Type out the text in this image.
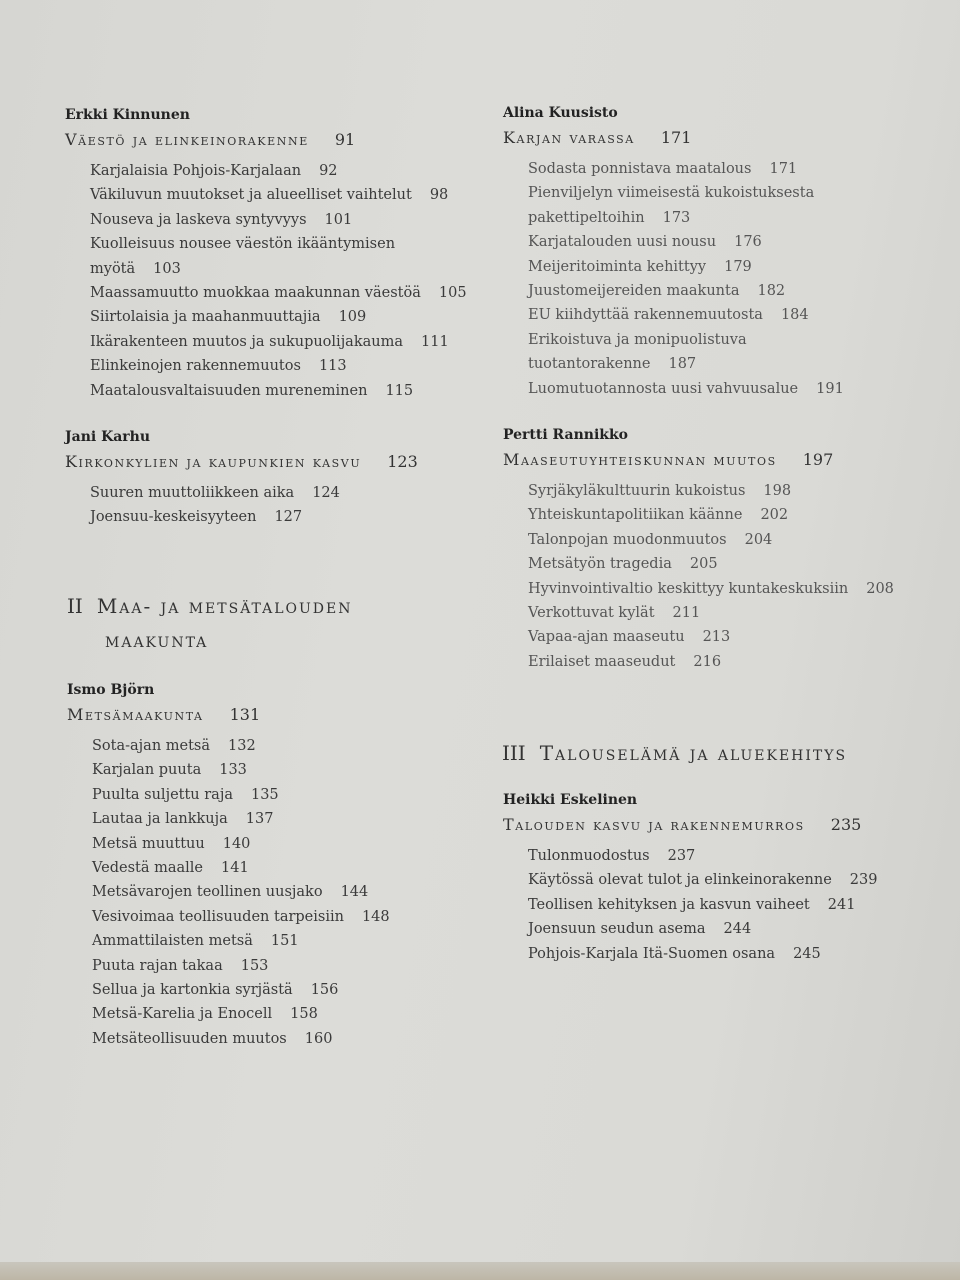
Erkki Kinnunen
Väestö ja elinkeinorakenne 91
Karjalaisia Pohjois-Karjalaan 92
Väkiluvun muutokset ja alueelliset vaihtelut 98
Nouseva ja laskeva syntyvyys 101
Kuolleisuus nousee väestön ikääntymisen
myötä 103
Maassamuutto muokkaa maakunnan väestöä 105
Siirtolaisia ja maahanmuuttajia 109
Ikärakenteen muutos ja sukupuolijakauma 111
Elinkeinojen rakennemuutos 113
Maatalousvaltaisuuden mureneminen 115
Jani Karhu
Kirkonkylien ja kaupunkien kasvu 123
Suuren muuttoliikkeen aika 124
Joensuu-keskeisyyteen 127
II Maa- ja metsätalouden
maakunta
Ismo Björn
Metsämaakunta 131
Sota-ajan metsä 132
Karjalan puuta 133
Puulta suljettu raja 135
Lautaa ja lankkuja 137
Metsä muuttuu 140
Vedestä maalle 141
Metsävarojen teollinen uusjako 144
Vesivoimaa teollisuuden tarpeisiin 148
Ammattilaisten metsä 151
Puuta rajan takaa 153
Sellua ja kartonkia syrjästä 156
Metsä-Karelia ja Enocell 158
Metsäteollisuuden muutos 160
Alina Kuusisto
Karjan varassa 171
Sodasta ponnistava maatalous 171
Pienviljelyn viimeisestä kukoistuksesta
pakettipeltoihin 173
Karjatalouden uusi nousu 176
Meijeritoiminta kehittyy 179
Juustomeijereiden maakunta 182
EU kiihdyttää rakennemuutosta 184
Erikoistuva ja monipuolistuva
tuotantorakenne 187
Luomutuotannosta uusi vahvuusalue 191
Pertti Rannikko
Maaseutuyhteiskunnan muutos 197
Syrjäkyläkulttuurin kukoistus 198
Yhteiskuntapolitiikan käänne 202
Talonpojan muodonmuutos 204
Metsätyön tragedia 205
Hyvinvointivaltio keskittyy kuntakeskuksiin 208
Verkottuvat kylät 211
Vapaa-ajan maaseutu 213
Erilaiset maaseudut 216
III Talouselämä ja aluekehitys
Heikki Eskelinen
Talouden kasvu ja rakennemurros 235
Tulonmuodostus 237
Käytössä olevat tulot ja elinkeinorakenne 239
Teollisen kehityksen ja kasvun vaiheet 241
Joensuun seudun asema 244
Pohjois-Karjala Itä-Suomen osana 245
